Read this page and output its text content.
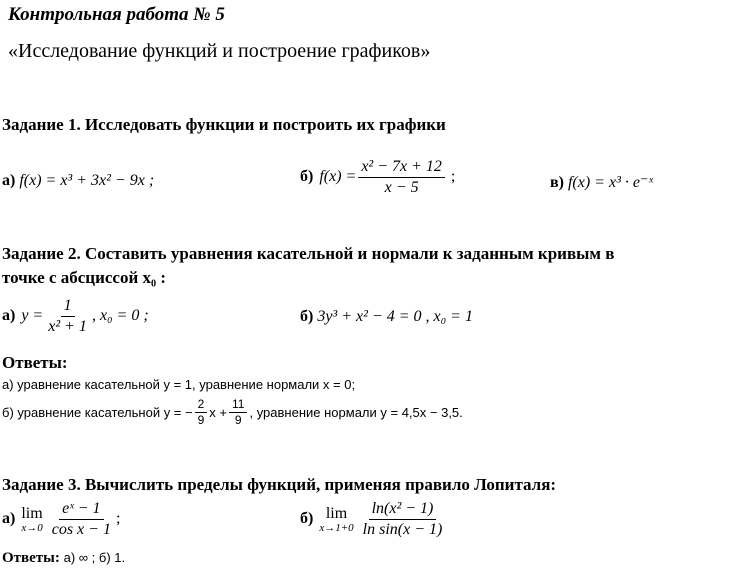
Контрольная работа № 5
«Исследование функций и построение графиков»
Задание 1. Исследовать функции и построить их графики
а) f(x) = x³ + 3x² − 9x ;	б) $f(x) = \frac{\text{x² − 7x + 12}}{x - 5}$ ;	в) f(x) = x³ · e⁻ˣ
Задание 2. Составить уравнения касательной и нормали к заданным кривым в
точке с абсциссой x₀ :
а) $y = \frac{1}{\text{x² + 1}}$ , x₀ = 0 ;	б) 3y³ + x² − 4 = 0 , x₀ = 1
Ответы:
а) уравнение касательной y = 1, уравнение нормали x = 0;
б) уравнение касательной y = − $\frac{2}{9}$ $x + \frac{11}{9}$ , уравнение нормали y = 4,5x − 3,5.
Задание 3. Вычислить пределы функций, применяя правило Лопиталя:
а) lim
$x\to 0 \frac{\text{eˣ − 1}}{\text{cos x − 1}}$ ;	б) lim
$x\to 1+0 \frac{\text{ln(x² − 1)}}{\text{ln sin(x − 1)}}$
Ответы: а) ∞ ; б) 1.
